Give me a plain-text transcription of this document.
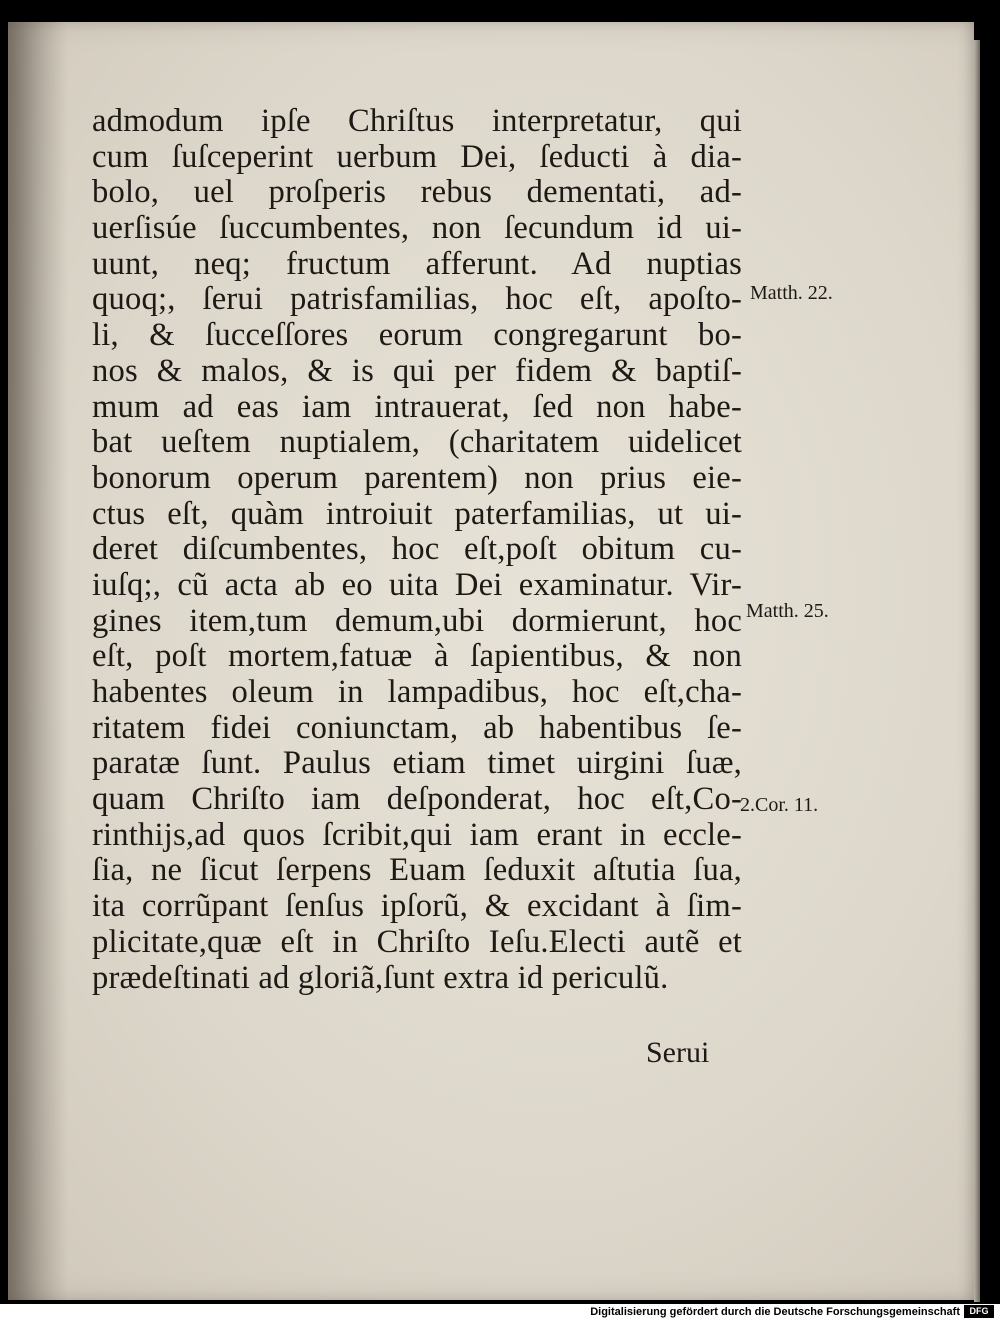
admodum ipſe Chriſtus interpretatur, qui
cum ſuſceperint uerbum Dei, ſeducti à dia-
bolo, uel proſperis rebus dementati, ad-
uerſisúe ſuccumbentes, non ſecundum id ui-
uunt, neq; fructum afferunt. Ad nuptias
quoq;, ſerui patrisfamilias, hoc eſt, apoſto-
li, & ſucceſſores eorum congregarunt bo-
nos & malos, & is qui per fidem & baptiſ-
mum ad eas iam intrauerat, ſed non habe-
bat ueſtem nuptialem, (charitatem uidelicet
bonorum operum parentem) non prius eie-
ctus eſt, quàm introiuit paterfamilias, ut ui-
deret diſcumbentes, hoc eſt,poſt obitum cu-
iuſq;, cũ acta ab eo uita Dei examinatur. Vir-
gines item,tum demum,ubi dormierunt, hoc
eſt, poſt mortem,fatuæ à ſapientibus, & non
habentes oleum in lampadibus, hoc eſt,cha-
ritatem fidei coniunctam, ab habentibus ſe-
paratæ ſunt. Paulus etiam timet uirgini ſuæ,
quam Chriſto iam deſponderat, hoc eſt,Co-
rinthijs,ad quos ſcribit,qui iam erant in eccle-
ſia, ne ſicut ſerpens Euam ſeduxit aſtutia ſua,
ita corrũpant ſenſus ipſorũ, & excidant à ſim-
plicitate,quæ eſt in Chriſto Ieſu.Electi autẽ et
prædeſtinati ad gloriã,ſunt extra id periculũ.
Matth. 22.
Matth. 25.
2.Cor. 11.
Serui
Digitalisierung gefördert durch die Deutsche Forschungsgemeinschaft	DFG
